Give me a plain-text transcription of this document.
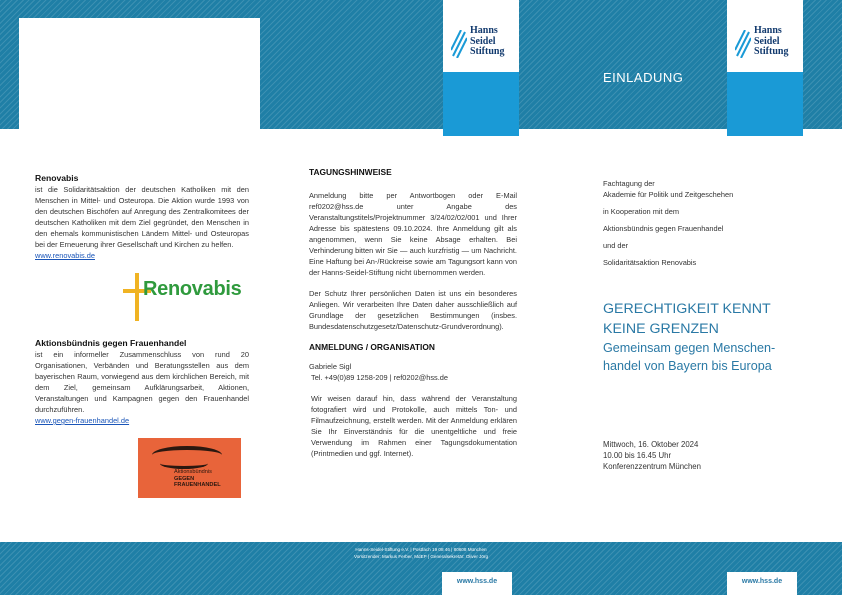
Hanns
Seidel
Stiftung
Hanns
Seidel
Stiftung
EINLADUNG

Renovabis

ist die Solidaritätsaktion der deutschen Katholiken mit den Menschen in Mittel- und Osteuropa. Die Aktion wurde 1993 von den deutschen Bischöfen auf Anregung des Zentralkomitees der deutschen Katholiken mit dem Ziel gegründet, den Menschen in den ehemals kommunistischen Ländern Mittel- und Osteuropas bei der Erneuerung ihrer Gesellschaft und Kirchen zu helfen.

www.renovabis.de
Renovabis

Aktionsbündnis gegen Frauenhandel

ist ein informeller Zusammenschluss von rund 20 Organisationen, Verbänden und Beratungsstellen aus dem bayerischen Raum, vorwiegend aus dem kirchlichen Bereich, mit dem Ziel, gemeinsam Aufklärungsarbeit, Aktionen, Veranstaltungen und Kampagnen gegen den Frauenhandel durchzuführen.

www.gegen-frauenhandel.de
Aktionsbündnis
GEGEN
FRAUENHANDEL

TAGUNGSHINWEISE

Anmeldung bitte per Antwortbogen oder E-Mail ref0202@hss.de unter Angabe des Veranstaltungstitels/Projektnummer 3/24/02/02/001 und Ihrer Adresse bis spätestens 09.10.2024. Ihre Anmeldung gilt als angenommen, wenn Sie keine Absage erhalten. Bei Verhinderung bitten wir Sie — auch kurzfristig — um Nachricht. Eine Haftung bei An-/Rückreise sowie am Tagungsort kann von der Hanns-Seidel-Stiftung nicht übernommen werden.

Der Schutz Ihrer persönlichen Daten ist uns ein besonderes Anliegen. Wir verarbeiten Ihre Daten daher ausschließlich auf Grundlage der gesetzlichen Bestimmungen (insbes. Bundesdatenschutzgesetz/Datenschutz-Grundverordnung).

ANMELDUNG / ORGANISATION

Gabriele Sigl

Tel. +49(0)89 1258-209 | ref0202@hss.de

Wir weisen darauf hin, dass während der Veranstaltung fotografiert wird und Protokolle, auch mittels Ton- und Filmaufzeichnung, erstellt werden. Mit der Anmeldung erklären Sie Ihr Einverständnis für die unentgeltliche und freie Verwendung im Rahmen einer Tagungsdokumentation (Printmedien und ggf. Internet).

Fachtagung der

Akademie für Politik und Zeitgeschehen

in Kooperation mit dem

Aktionsbündnis gegen Frauenhandel

und der

Solidaritätsaktion Renovabis

GERECHTIGKEIT KENNT

KEINE GRENZEN

Gemeinsam gegen Menschen-

handel von Bayern bis Europa

Mittwoch, 16. Oktober 2024

10.00 bis 16.45 Uhr

Konferenzzentrum München

Hanns-Seidel-Stiftung e.V. | Postfach 19 08 46 | 80608 München
Vorsitzender: Markus Ferber, MdEP | Generalsekretär: Oliver Jörg
www.hss.de	www.hss.de
